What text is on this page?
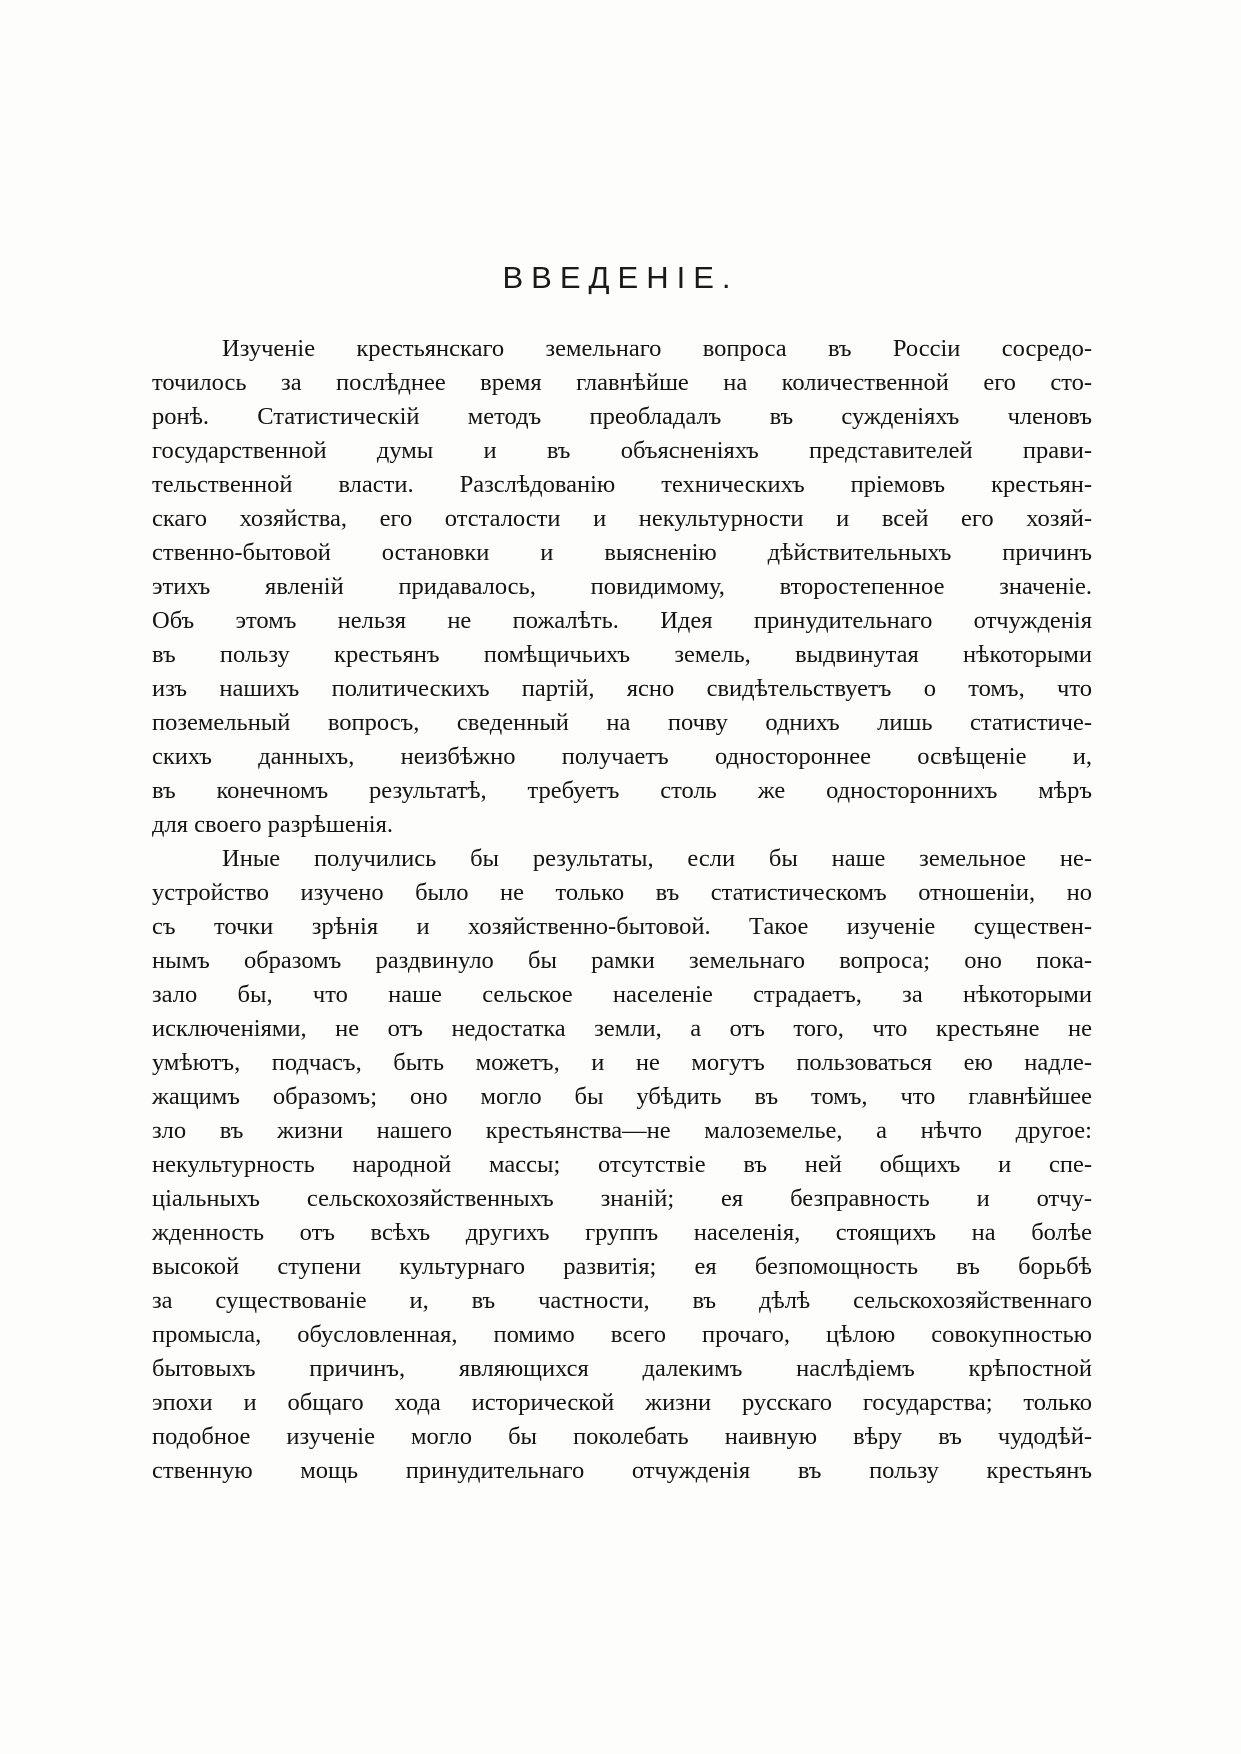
ВВЕДЕНІЕ.
Изученіе крестьянскаго земельнаго вопроса въ Россіи сосредо-
точилось за послѣднее время главнѣйше на количественной его сто-
ронѣ. Статистическій методъ преобладалъ въ сужденіяхъ членовъ
государственной думы и въ объясненіяхъ представителей прави-
тельственной власти. Разслѣдованію техническихъ пріемовъ крестьян-
скаго хозяйства, его отсталости и некультурности и всей его хозяй-
ственно-бытовой остановки и выясненію дѣйствительныхъ причинъ
этихъ явленій придавалось, повидимому, второстепенное значеніе.
Объ этомъ нельзя не пожалѣть. Идея принудительнаго отчужденія
въ пользу крестьянъ помѣщичьихъ земель, выдвинутая нѣкоторыми
изъ нашихъ политическихъ партій, ясно свидѣтельствуетъ о томъ, что
поземельный вопросъ, сведенный на почву однихъ лишь статистиче-
скихъ данныхъ, неизбѣжно получаетъ одностороннее освѣщеніе и,
въ конечномъ результатѣ, требуетъ столь же одностороннихъ мѣръ
для своего разрѣшенія.
Иные получились бы результаты, если бы наше земельное не-
устройство изучено было не только въ статистическомъ отношеніи, но
съ точки зрѣнія и хозяйственно-бытовой. Такое изученіе существен-
нымъ образомъ раздвинуло бы рамки земельнаго вопроса; оно пока-
зало бы, что наше сельское населеніе страдаетъ, за нѣкоторыми
исключеніями, не отъ недостатка земли, а отъ того, что крестьяне не
умѣютъ, подчасъ, быть можетъ, и не могутъ пользоваться ею надле-
жащимъ образомъ; оно могло бы убѣдить въ томъ, что главнѣйшее
зло въ жизни нашего крестьянства—не малоземелье, а нѣчто другое:
некультурность народной массы; отсутствіе въ ней общихъ и спе-
ціальныхъ сельскохозяйственныхъ знаній; ея безправность и отчу-
жденность отъ всѣхъ другихъ группъ населенія, стоящихъ на болѣе
высокой ступени культурнаго развитія; ея безпомощность въ борьбѣ
за существованіе и, въ частности, въ дѣлѣ сельскохозяйственнаго
промысла, обусловленная, помимо всего прочаго, цѣлою совокупностью
бытовыхъ причинъ, являющихся далекимъ наслѣдіемъ крѣпостной
эпохи и общаго хода исторической жизни русскаго государства; только
подобное изученіе могло бы поколебать наивную вѣру въ чудодѣй-
ственную мощь принудительнаго отчужденія въ пользу крестьянъ
